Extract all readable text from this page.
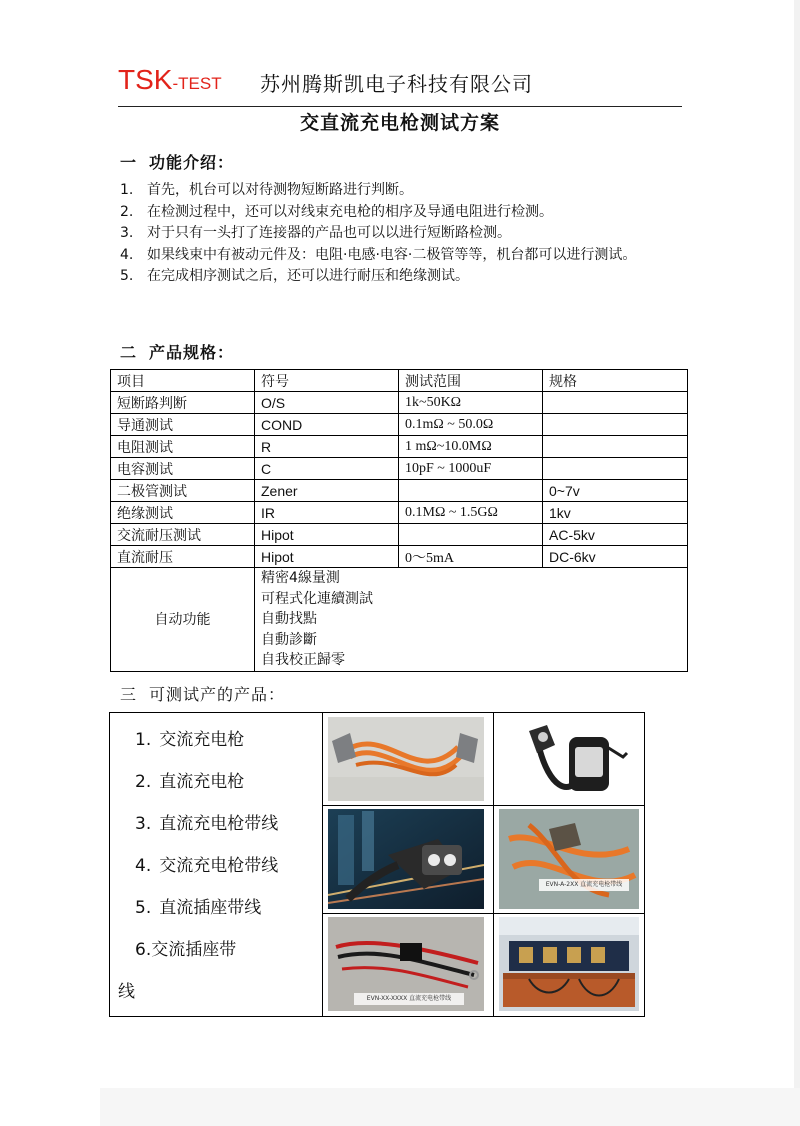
TSK-TEST 苏州腾斯凯电子科技有限公司
交直流充电枪测试方案
一 功能介绍：
1. 首先，机台可以对待测物短断路进行判断。
2. 在检测过程中，还可以对线束充电枪的相序及导通电阻进行检测。
3. 对于只有一头打了连接器的产品也可以以进行短断路检测。
4. 如果线束中有被动元件及：电阻·电感·电容·二极管等等，机台都可以进行测试。
5. 在完成相序测试之后，还可以进行耐压和绝缘测试。
二 产品规格：
项目	符号	测试范围	规格
短断路判断	O/S	1k~50KΩ	
导通测试	COND	0.1mΩ ~ 50.0Ω	
电阻测试	R	1 mΩ~10.0MΩ	
电容测试	C	10pF ~ 1000uF	
二极管测试	Zener		0~7v
绝缘测试	IR	0.1MΩ ~ 1.5GΩ	1kv
交流耐压测试	Hipot		AC-5kv
直流耐压	Hipot	0～5mA	DC-6kv
自动功能	精密4線量測
可程式化連續測試
自動找點
自動診斷
自我校正歸零		
三 可测试产的产品：
1. 交流充电枪
2. 直流充电枪
3. 直流充电枪带线
4. 交流充电枪带线
5. 直流插座带线
6.交流插座带
线
EVN-A-2XX 直流充电枪带线
EVN-XX-XXXX 直流充电枪带线
